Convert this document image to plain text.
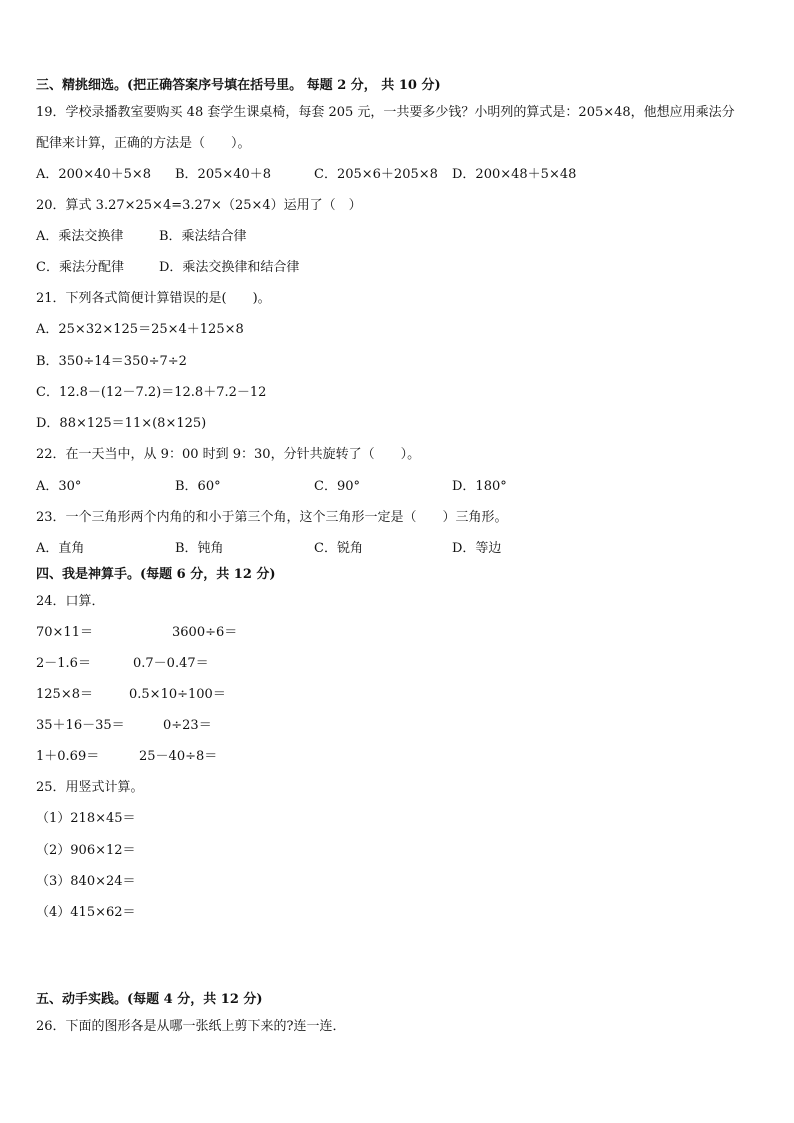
三、精挑细选。(把正确答案序号填在括号里。 每题 2 分， 共 10 分)
19．学校录播教室要购买 48 套学生课桌椅，每套 205 元，一共要多少钱？小明列的算式是：205×48，他想应用乘法分
配律来计算，正确的方法是（　　）。
A．200×40＋5×8 B．205×40＋8	C．205×6＋205×8 D．200×48＋5×48
20．算式 3.27×25×4=3.27×（25×4）运用了（　）
A．乘法交换律	B．乘法结合律
C．乘法分配律	D．乘法交换律和结合律
21．下列各式简便计算错误的是(　　)。
A．25×32×125＝25×4＋125×8
B．350÷14＝350÷7÷2
C．12.8－(12－7.2)＝12.8＋7.2－12
D．88×125＝11×(8×125)
22．在一天当中，从 9：00 时到 9：30，分针共旋转了（　　）。
A．30°	B．60°	C．90°	D．180°
23．一个三角形两个内角的和小于第三个角，这个三角形一定是（　　）三角形。
A．直角	B．钝角	C．锐角	D．等边
四、我是神算手。(每题 6 分，共 12 分)
24．口算．
70×11＝	3600÷6＝
2－1.6＝	0.7－0.47＝
125×8＝	0.5×10÷100＝
35＋16－35＝	0÷23＝
1＋0.69＝	25－40÷8＝
25．用竖式计算。
（1）218×45＝
（2）906×12＝
（3）840×24＝
（4）415×62＝
五、动手实践。(每题 4 分，共 12 分)
26．下面的图形各是从哪一张纸上剪下来的?连一连．
